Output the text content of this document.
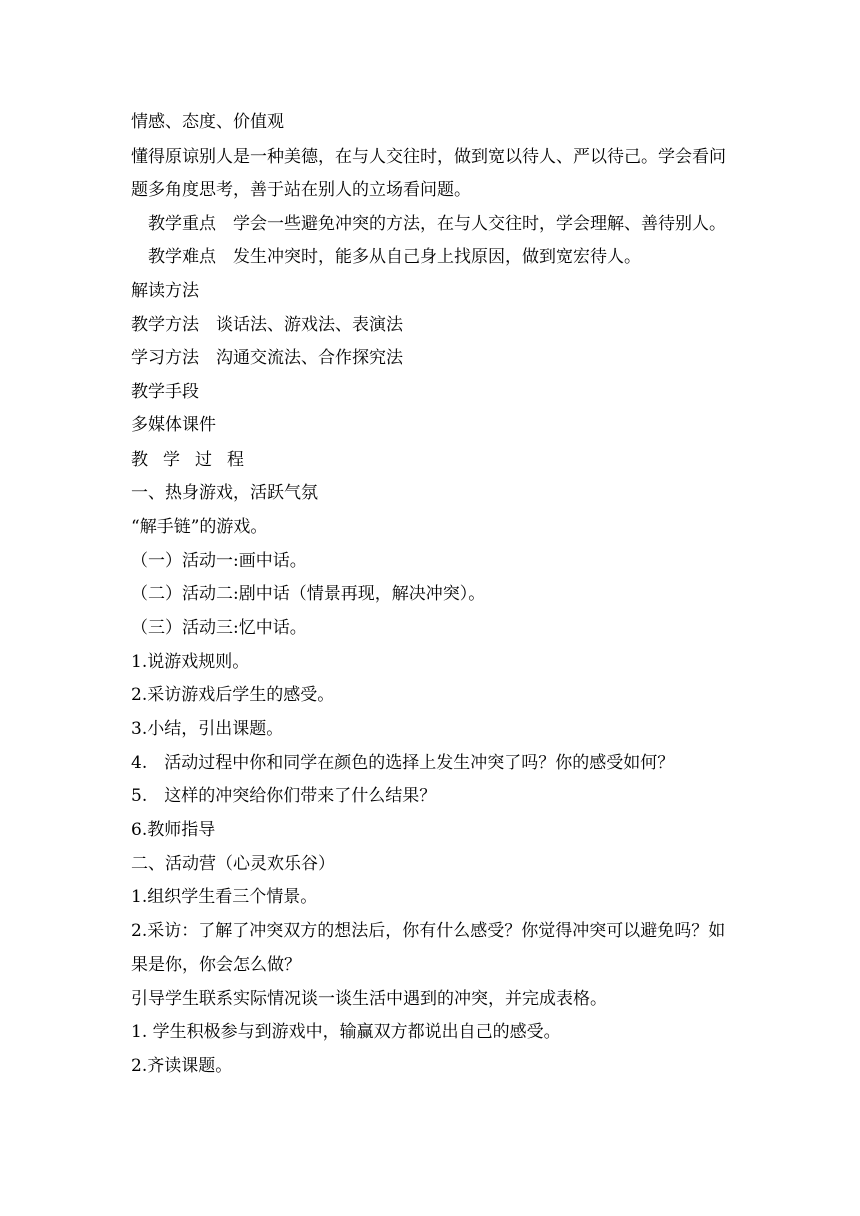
情感、态度、价值观
懂得原谅别人是一种美德，在与人交往时，做到宽以待人、严以待己。学会看问
题多角度思考，善于站在别人的立场看问题。
教学重点　学会一些避免冲突的方法，在与人交往时，学会理解、善待别人。
教学难点　发生冲突时，能多从自己身上找原因，做到宽宏待人。
解读方法
教学方法　谈话法、游戏法、表演法
学习方法　沟通交流法、合作探究法
教学手段
多媒体课件
教学过程
一、热身游戏，活跃气氛
“解手链”的游戏。
（一）活动一:画中话。
（二）活动二:剧中话（情景再现，解决冲突）。
（三）活动三:忆中话。
1.说游戏规则。
2.采访游戏后学生的感受。
3.小结，引出课题。
4.　活动过程中你和同学在颜色的选择上发生冲突了吗？你的感受如何？
5.　这样的冲突给你们带来了什么结果？
6.教师指导
二、活动营（心灵欢乐谷）
1.组织学生看三个情景。
2.采访：了解了冲突双方的想法后，你有什么感受？你觉得冲突可以避免吗？如
果是你，你会怎么做？
引导学生联系实际情况谈一谈生活中遇到的冲突，并完成表格。
1. 学生积极参与到游戏中，输赢双方都说出自己的感受。
2.齐读课题。
